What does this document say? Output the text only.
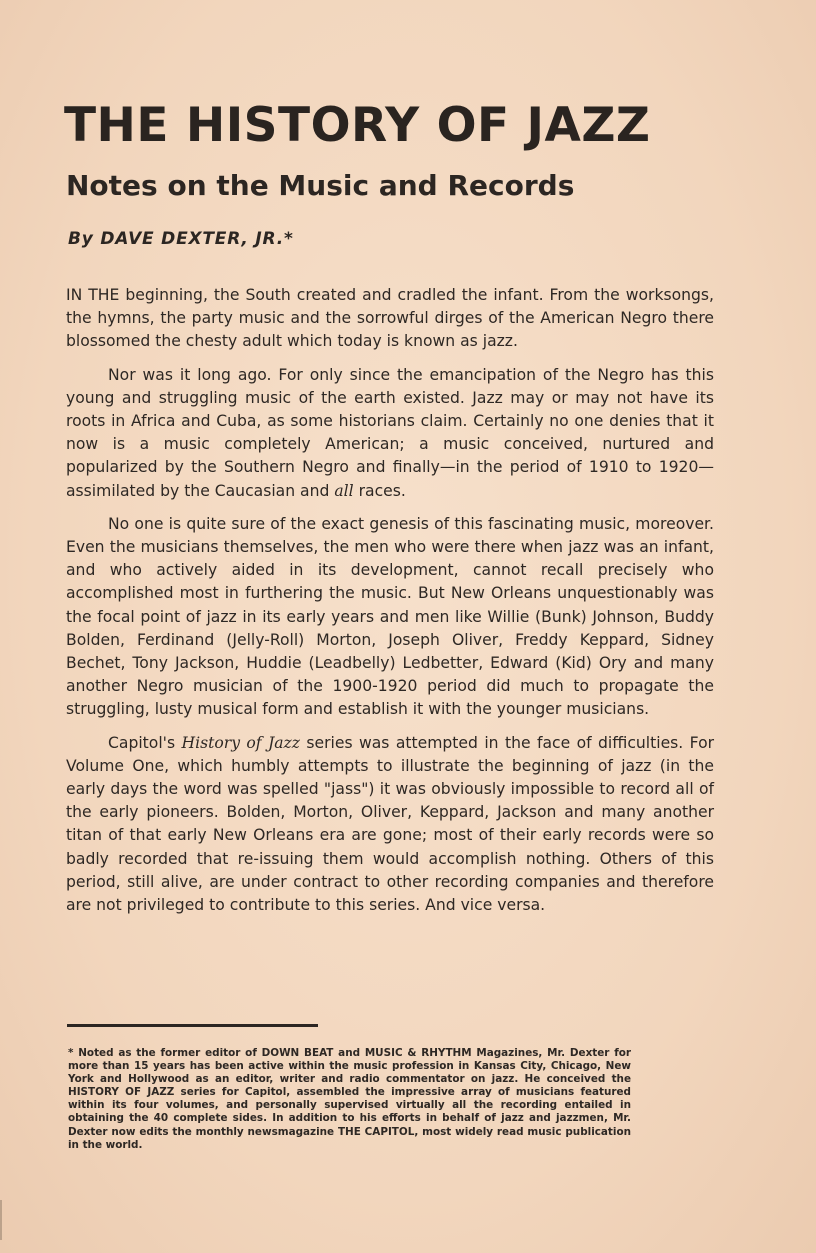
THE HISTORY OF JAZZ
Notes on the Music and Records
By DAVE DEXTER, JR.*

IN THE beginning, the South created and cradled the infant. From the worksongs, the hymns, the party music and the sorrowful dirges of the American Negro there blossomed the chesty adult which today is known as jazz.

Nor was it long ago. For only since the emancipation of the Negro has this young and struggling music of the earth existed. Jazz may or may not have its roots in Africa and Cuba, as some historians claim. Certainly no one denies that it now is a music completely American; a music conceived, nurtured and popularized by the Southern Negro and finally—in the period of 1910 to 1920—assimilated by the Caucasian and all races.

No one is quite sure of the exact genesis of this fascinating music, moreover. Even the musicians themselves, the men who were there when jazz was an infant, and who actively aided in its development, cannot recall precisely who accomplished most in furthering the music. But New Orleans unquestionably was the focal point of jazz in its early years and men like Willie (Bunk) Johnson, Buddy Bolden, Ferdinand (Jelly-Roll) Morton, Joseph Oliver, Freddy Keppard, Sidney Bechet, Tony Jackson, Huddie (Leadbelly) Ledbetter, Edward (Kid) Ory and many another Negro musician of the 1900-1920 period did much to propagate the struggling, lusty musical form and establish it with the younger musicians.

Capitol's History of Jazz series was attempted in the face of difficulties. For Volume One, which humbly attempts to illustrate the beginning of jazz (in the early days the word was spelled "jass") it was obviously impossible to record all of the early pioneers. Bolden, Morton, Oliver, Keppard, Jackson and many another titan of that early New Orleans era are gone; most of their early records were so badly recorded that re-issuing them would accomplish nothing. Others of this period, still alive, are under contract to other recording companies and therefore are not privileged to contribute to this series. And vice versa.

* Noted as the former editor of DOWN BEAT and MUSIC & RHYTHM Magazines, Mr. Dexter for more than 15 years has been active within the music profession in Kansas City, Chicago, New York and Hollywood as an editor, writer and radio commentator on jazz. He conceived the HISTORY OF JAZZ series for Capitol, assembled the impressive array of musicians featured within its four volumes, and personally supervised virtually all the recording entailed in obtaining the 40 complete sides. In addition to his efforts in behalf of jazz and jazzmen, Mr. Dexter now edits the monthly newsmagazine THE CAPITOL, most widely read music publication in the world.
